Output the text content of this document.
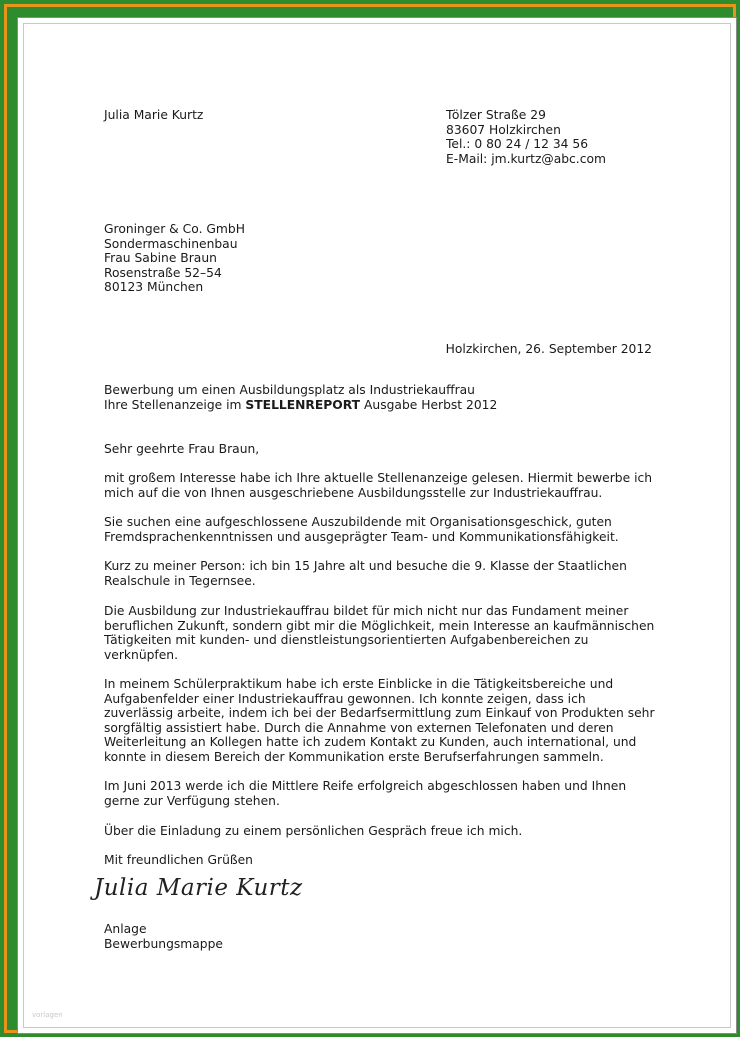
Julia Marie Kurtz	Tölzer Straße 29
83607 Holzkirchen
Tel.: 0 80 24 / 12 34 56
E-Mail: jm.kurtz@abc.com
Groninger & Co. GmbH
Sondermaschinenbau
Frau Sabine Braun
Rosenstraße 52–54
80123 München
Holzkirchen, 26. September 2012
Bewerbung um einen Ausbildungsplatz als Industriekauffrau
Ihre Stellenanzeige im STELLENREPORT Ausgabe Herbst 2012
Sehr geehrte Frau Braun,
mit großem Interesse habe ich Ihre aktuelle Stellenanzeige gelesen. Hiermit bewerbe ich
mich auf die von Ihnen ausgeschriebene Ausbildungsstelle zur Industriekauffrau.
Sie suchen eine aufgeschlossene Auszubildende mit Organisationsgeschick, guten
Fremdsprachenkenntnissen und ausgeprägter Team- und Kommunikationsfähigkeit.
Kurz zu meiner Person: ich bin 15 Jahre alt und besuche die 9. Klasse der Staatlichen
Realschule in Tegernsee.
Die Ausbildung zur Industriekauffrau bildet für mich nicht nur das Fundament meiner
beruflichen Zukunft, sondern gibt mir die Möglichkeit, mein Interesse an kaufmännischen
Tätigkeiten mit kunden- und dienstleistungsorientierten Aufgabenbereichen zu
verknüpfen.
In meinem Schülerpraktikum habe ich erste Einblicke in die Tätigkeitsbereiche und
Aufgabenfelder einer Industriekauffrau gewonnen. Ich konnte zeigen, dass ich
zuverlässig arbeite, indem ich bei der Bedarfsermittlung zum Einkauf von Produkten sehr
sorgfältig assistiert habe. Durch die Annahme von externen Telefonaten und deren
Weiterleitung an Kollegen hatte ich zudem Kontakt zu Kunden, auch international, und
konnte in diesem Bereich der Kommunikation erste Berufserfahrungen sammeln.
Im Juni 2013 werde ich die Mittlere Reife erfolgreich abgeschlossen haben und Ihnen
gerne zur Verfügung stehen.
Über die Einladung zu einem persönlichen Gespräch freue ich mich.
Mit freundlichen Grüßen
Julia Marie Kurtz
Anlage
Bewerbungsmappe
vorlagen
